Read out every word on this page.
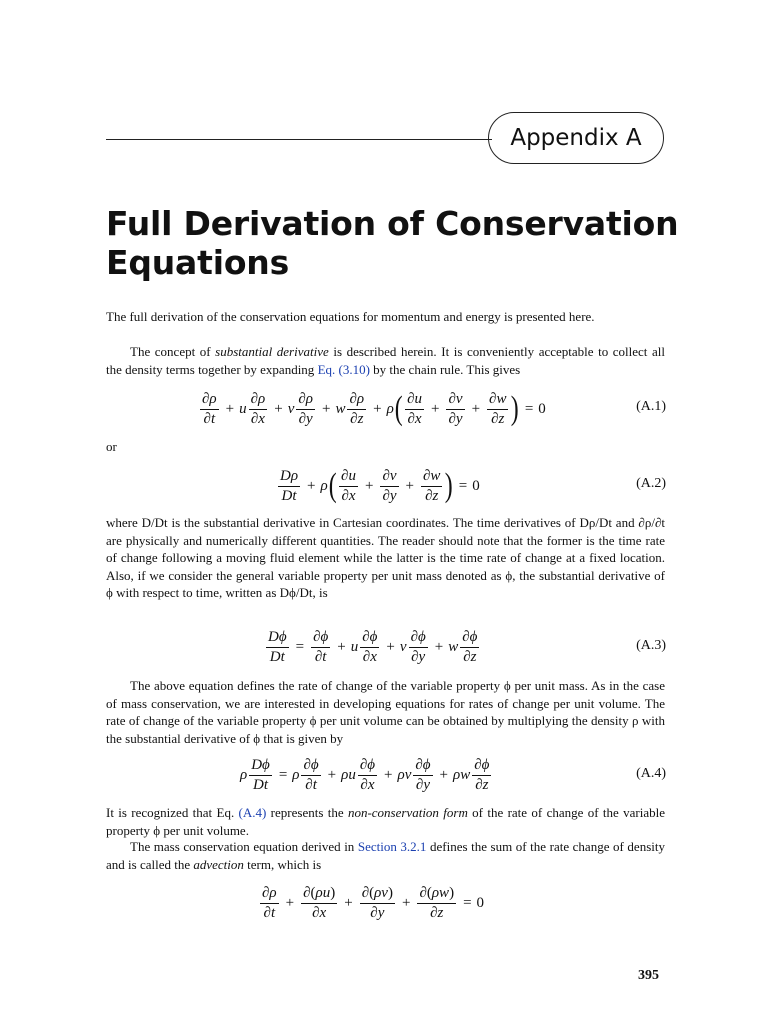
Appendix A
Full Derivation of Conservation Equations
The full derivation of the conservation equations for momentum and energy is presented here.
The concept of substantial derivative is described herein. It is conveniently acceptable to collect all the density terms together by expanding Eq. (3.10) by the chain rule. This gives
$\frac{\partial\rho}{\partial t} + u \frac{\partial\rho}{\partial x} + v \frac{\partial\rho}{\partial y} + w \frac{\partial\rho}{\partial z} + \rho$ ( $\frac{\partial u}{\partial x} + \frac{\partial v}{\partial y} + \frac{\partial w}{\partial z}$ ) = 0	(A.1)
or
$\frac{D\rho}{Dt} + \rho$ ( $\frac{\partial u}{\partial x} + \frac{\partial v}{\partial y} + \frac{\partial w}{\partial z}$ ) = 0	(A.2)
where D/Dt is the substantial derivative in Cartesian coordinates. The time derivatives of Dρ/Dt and ∂ρ/∂t are physically and numerically different quantities. The reader should note that the former is the time rate of change following a moving fluid element while the latter is the time rate of change at a fixed location. Also, if we consider the general variable property per unit mass denoted as ϕ, the substantial derivative of ϕ with respect to time, written as Dϕ/Dt, is
$\frac{D\phi}{Dt} = \frac{\partial\phi}{\partial t} + u \frac{\partial\phi}{\partial x} + v \frac{\partial\phi}{\partial y} + w \frac{\partial\phi}{\partial z}$	(A.3)
The above equation defines the rate of change of the variable property ϕ per unit mass. As in the case of mass conservation, we are interested in developing equations for rates of change per unit volume. The rate of change of the variable property ϕ per unit volume can be obtained by multiplying the density ρ with the substantial derivative of ϕ that is given by
ρ $\frac{D\phi}{Dt} = \rho \frac{\partial\phi}{\partial t} + \rho u \frac{\partial\phi}{\partial x} + \rho v \frac{\partial\phi}{\partial y} + \rho w \frac{\partial\phi}{\partial z}$	(A.4)
It is recognized that Eq. (A.4) represents the non-conservation form of the rate of change of the variable property ϕ per unit volume.
The mass conservation equation derived in Section 3.2.1 defines the sum of the rate change of density and is called the advection term, which is
$\frac{\partial\rho}{\partial t} + \frac{\partial(\rho u)}{\partial x} + \frac{\partial(\rho v)}{\partial y} + \frac{\partial(\rho w)}{\partial z} = 0$
395
